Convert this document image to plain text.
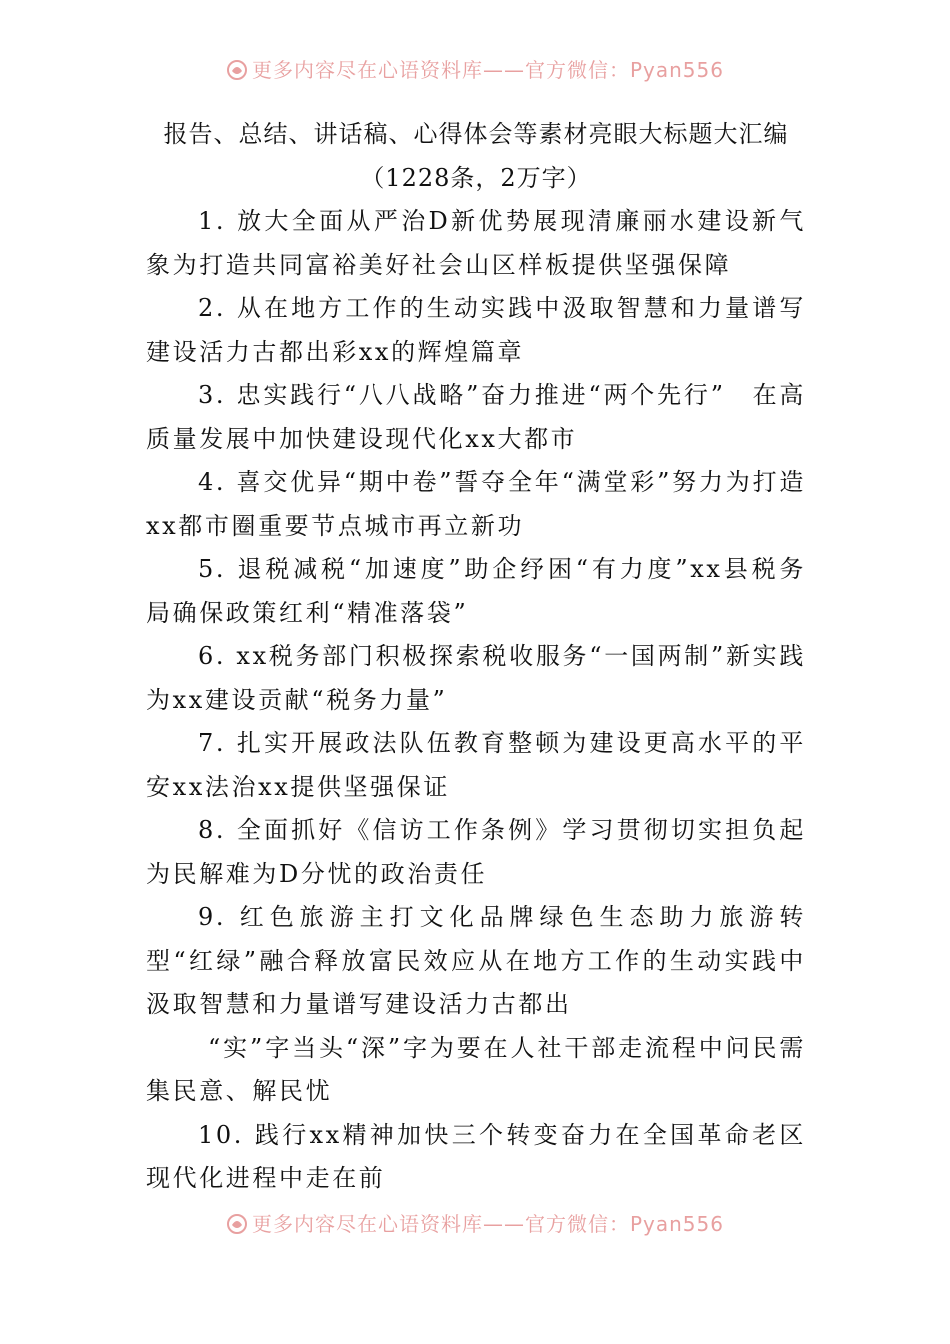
更多内容尽在心语资料库——官方微信：Pyan556
报告、总结、讲话稿、心得体会等素材亮眼大标题大汇编
（1228条，2万字）

1. 放大全面从严治D新优势展现清廉丽水建设新气象为打造共同富裕美好社会山区样板提供坚强保障

2. 从在地方工作的生动实践中汲取智慧和力量谱写建设活力古都出彩xx的辉煌篇章

3. 忠实践行“八八战略”奋力推进“两个先行”　在高质量发展中加快建设现代化xx大都市

4. 喜交优异“期中卷”誓夺全年“满堂彩”努力为打造xx都市圈重要节点城市再立新功

5. 退税减税“加速度”助企纾困“有力度”xx县税务局确保政策红利“精准落袋”

6. xx税务部门积极探索税收服务“一国两制”新实践为xx建设贡献“税务力量”

7. 扎实开展政法队伍教育整顿为建设更高水平的平安xx法治xx提供坚强保证

8. 全面抓好《信访工作条例》学习贯彻切实担负起为民解难为D分忧的政治责任

9. 红色旅游主打文化品牌绿色生态助力旅游转型“红绿”融合释放富民效应从在地方工作的生动实践中汲取智慧和力量谱写建设活力古都出

“实”字当头“深”字为要在人社干部走流程中问民需集民意、解民忧

10. 践行xx精神加快三个转变奋力在全国革命老区现代化进程中走在前

更多内容尽在心语资料库——官方微信：Pyan556
